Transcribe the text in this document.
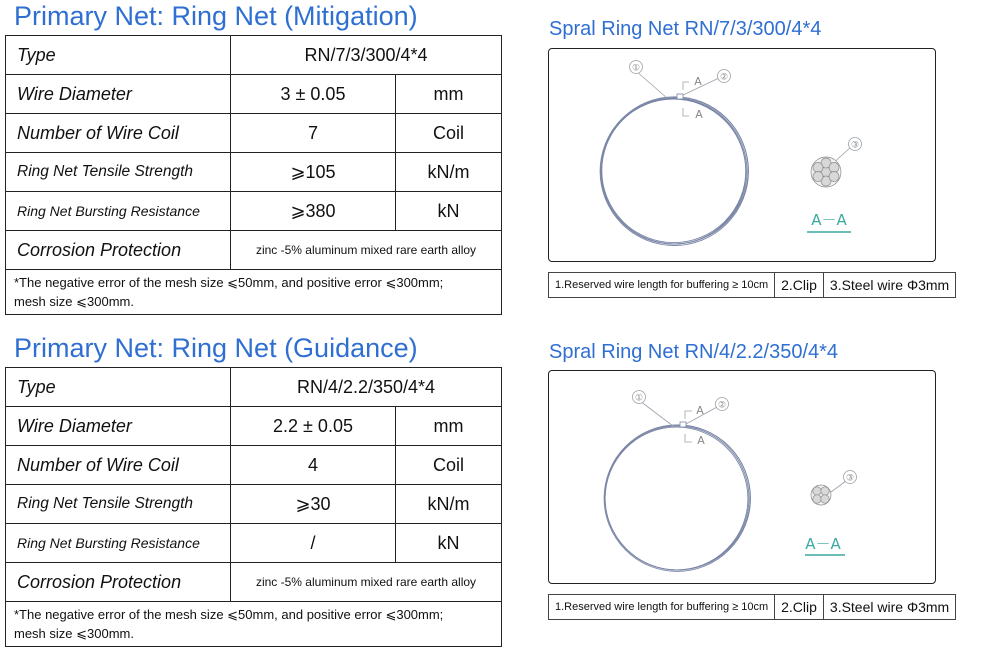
Primary Net: Ring Net (Mitigation)
Type	RN/7/3/300/4*4	
Wire Diameter	3 ± 0.05	mm
Number of Wire Coil	7	Coil
Ring Net Tensile Strength	⩾105	kN/m
Ring Net Bursting Resistance	⩾380	kN
Corrosion Protection	zinc -5% aluminum mixed rare earth alloy	

*The negative error of the mesh size ⩽50mm, and positive error ⩽300mm;
mesh size ⩽300mm.		
Primary Net: Ring Net (Guidance)
Type	RN/4/2.2/350/4*4	
Wire Diameter	2.2 ± 0.05	mm
Number of Wire Coil	4	Coil
Ring Net Tensile Strength	⩾30	kN/m
Ring Net Bursting Resistance	/	kN
Corrosion Protection	zinc -5% aluminum mixed rare earth alloy	

*The negative error of the mesh size ⩽50mm, and positive error ⩽300mm;
mesh size ⩽300mm.		
Spral Ring Net RN/7/3/300/4*4
①
②
③
A
A
A－A
1.Reserved wire length for buffering ≥ 10cm	2.Clip	3.Steel wire Φ3mm
Spral Ring Net RN/4/2.2/350/4*4
①
②
③
A
A
A－A
1.Reserved wire length for buffering ≥ 10cm	2.Clip	3.Steel wire Φ3mm
